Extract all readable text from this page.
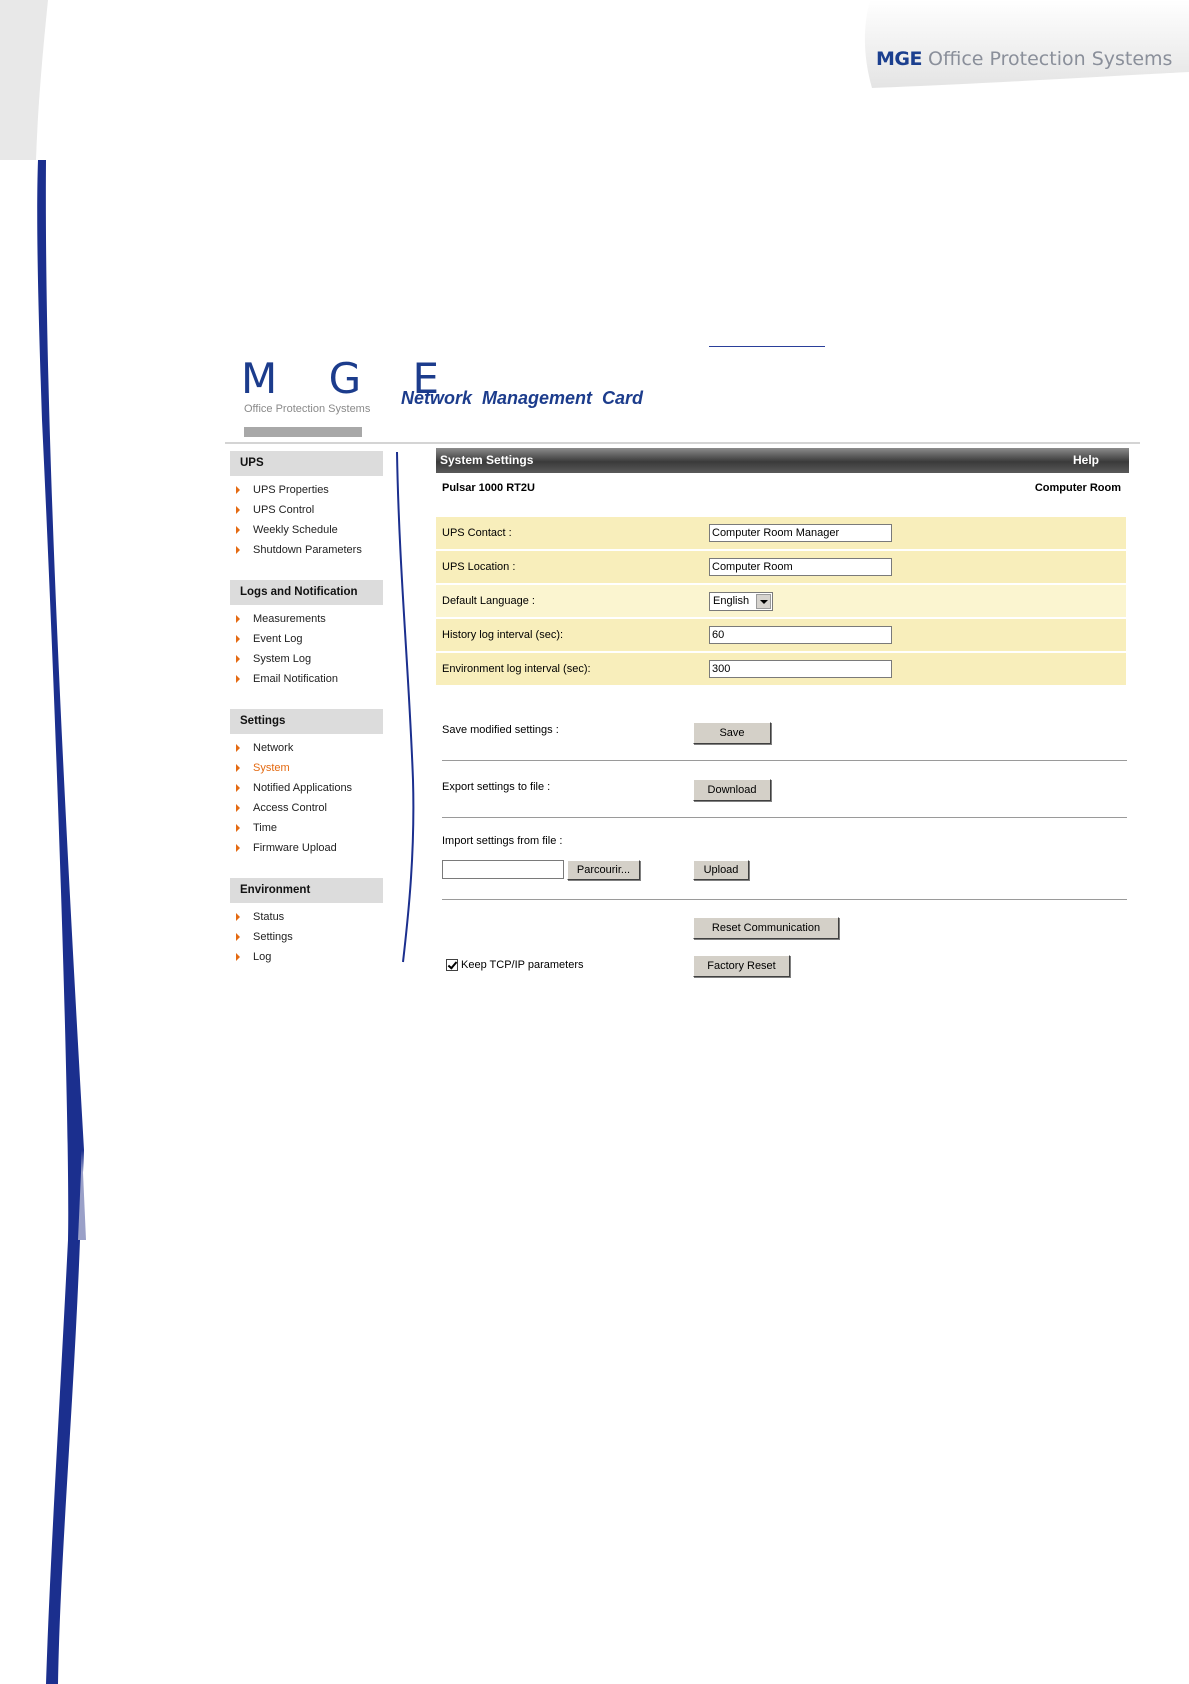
MGE Office Protection Systems
M G E
Office Protection Systems
Network Management Card
UPS
UPS Properties
UPS Control
Weekly Schedule
Shutdown Parameters
Logs and Notification
Measurements
Event Log
System Log
Email Notification
Settings
Network
System
Notified Applications
Access Control
Time
Firmware Upload
Environment
Status
Settings
Log
System Settings	Help
Pulsar 1000 RT2U	Computer Room
UPS Contact :	Computer Room Manager
UPS Location :	Computer Room
Default Language :	English

History log interval (sec):	60
Environment log interval (sec):	300
Save modified settings :	Save
Export settings to file :	Download
Import settings from file :
Parcourir...	Upload
Reset Communication
Keep TCP/IP parameters	Factory Reset
